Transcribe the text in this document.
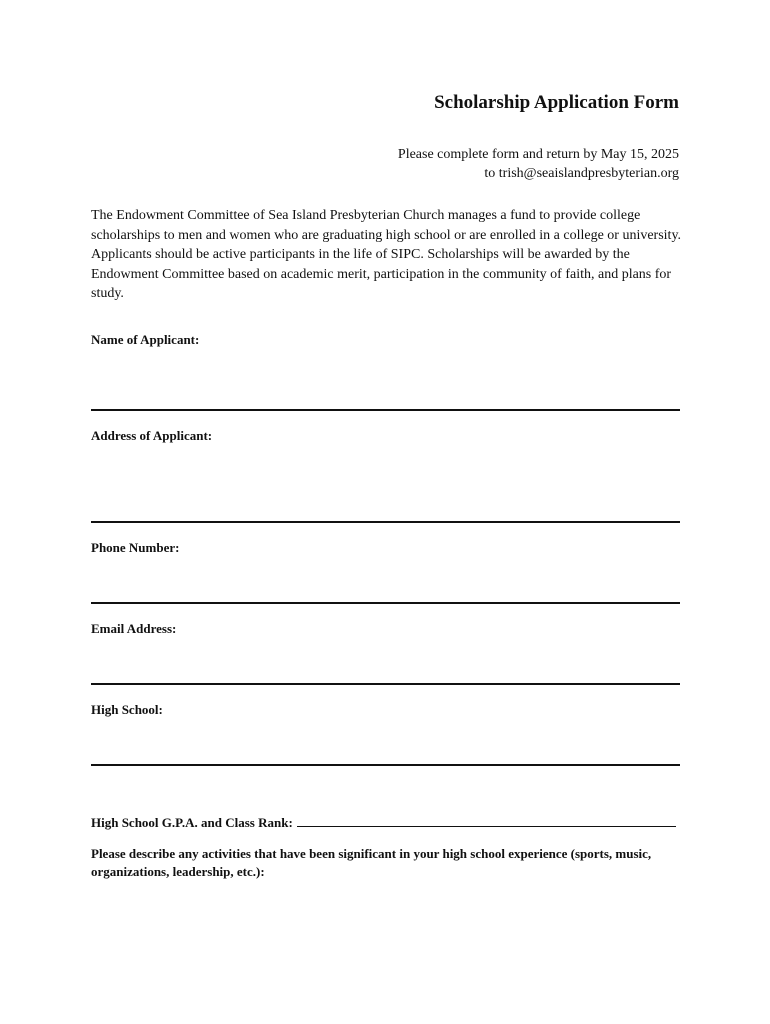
Scholarship Application Form
Please complete form and return by May 15, 2025
to trish@seaislandpresbyterian.org
The Endowment Committee of Sea Island Presbyterian Church manages a fund to provide college scholarships to men and women who are graduating high school or are enrolled in a college or university. Applicants should be active participants in the life of SIPC. Scholarships will be awarded by the Endowment Committee based on academic merit, participation in the community of faith, and plans for study.
Name of Applicant:
Address of Applicant:
Phone Number:
Email Address:
High School:
High School G.P.A. and Class Rank:
Please describe any activities that have been significant in your high school experience (sports, music, organizations, leadership, etc.):
